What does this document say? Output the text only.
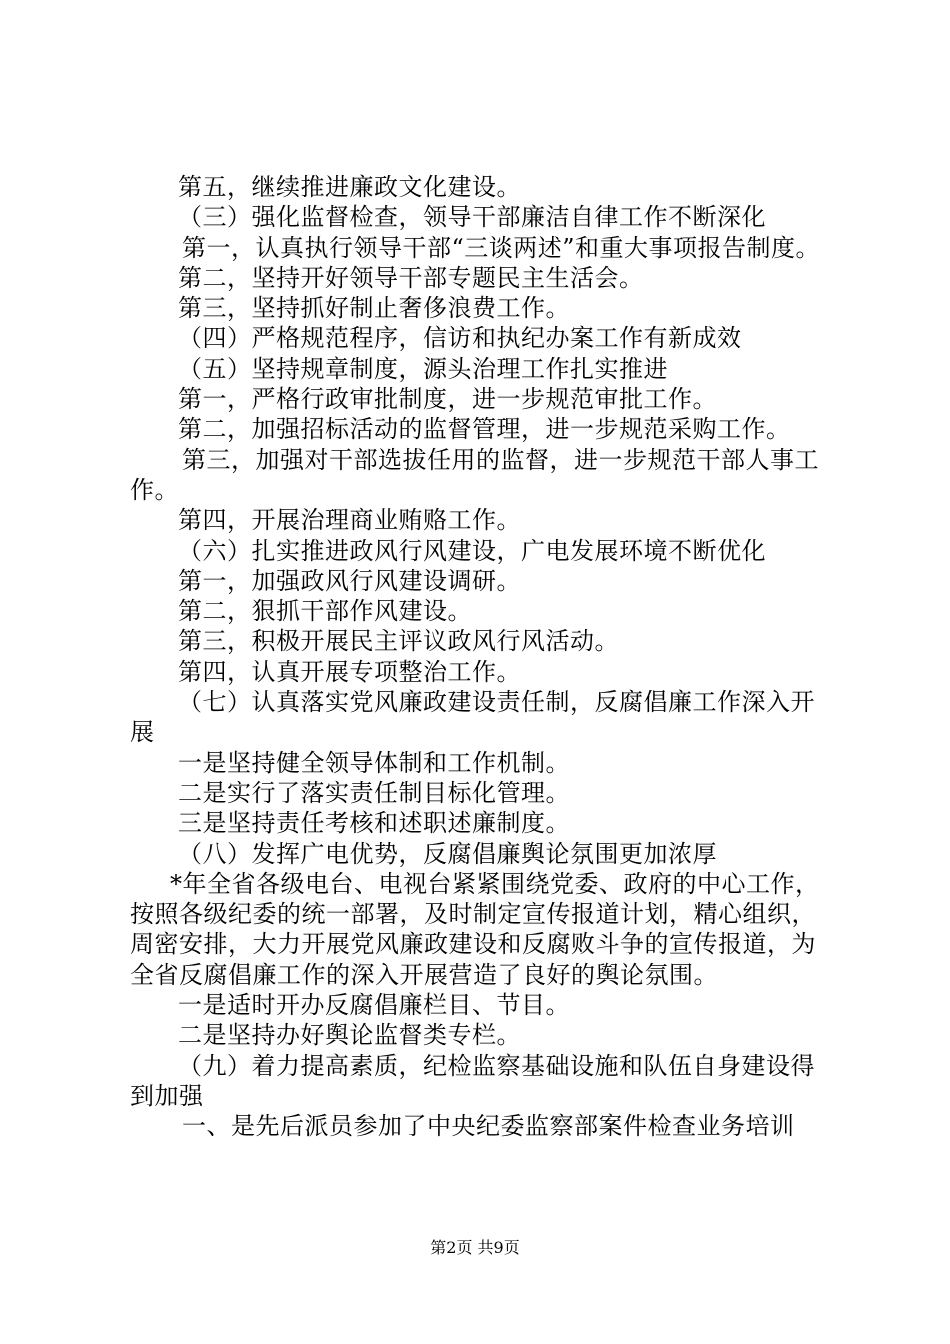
第五，继续推进廉政文化建设。

（三）强化监督检查，领导干部廉洁自律工作不断深化

第一，认真执行领导干部“三谈两述”和重大事项报告制度。

第二，坚持开好领导干部专题民主生活会。

第三，坚持抓好制止奢侈浪费工作。

（四）严格规范程序，信访和执纪办案工作有新成效

（五）坚持规章制度，源头治理工作扎实推进

第一，严格行政审批制度，进一步规范审批工作。

第二，加强招标活动的监督管理，进一步规范采购工作。

第三，加强对干部选拔任用的监督，进一步规范干部人事工作。

第四，开展治理商业贿赂工作。

（六）扎实推进政风行风建设，广电发展环境不断优化

第一，加强政风行风建设调研。

第二，狠抓干部作风建设。

第三，积极开展民主评议政风行风活动。

第四，认真开展专项整治工作。

（七）认真落实党风廉政建设责任制，反腐倡廉工作深入开展

一是坚持健全领导体制和工作机制。

二是实行了落实责任制目标化管理。

三是坚持责任考核和述职述廉制度。

（八）发挥广电优势，反腐倡廉舆论氛围更加浓厚

*年全省各级电台、电视台紧紧围绕党委、政府的中心工作，按照各级纪委的统一部署，及时制定宣传报道计划，精心组织，周密安排，大力开展党风廉政建设和反腐败斗争的宣传报道，为全省反腐倡廉工作的深入开展营造了良好的舆论氛围。

一是适时开办反腐倡廉栏目、节目。

二是坚持办好舆论监督类专栏。

（九）着力提高素质，纪检监察基础设施和队伍自身建设得到加强

一、是先后派员参加了中央纪委监察部案件检查业务培训

第2页 共9页
